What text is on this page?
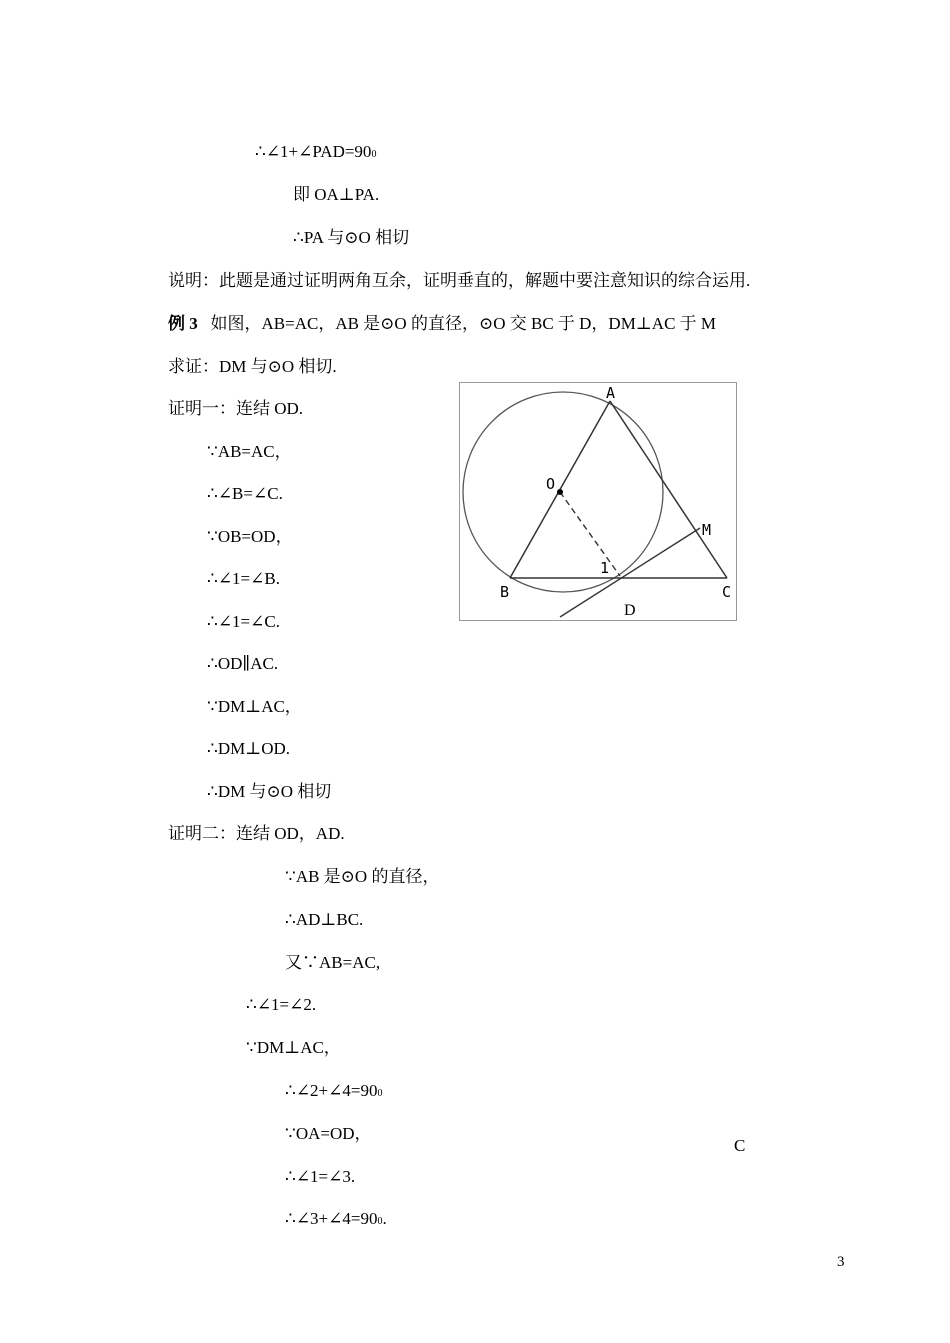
∴∠1+∠PAD=900
即 OA⊥PA.
∴PA 与⊙O 相切
说明：此题是通过证明两角互余，证明垂直的，解题中要注意知识的综合运用.
例 3 如图，AB=AC，AB 是⊙O 的直径，⊙O 交 BC 于 D，DM⊥AC 于 M
求证：DM 与⊙O 相切.
证明一：连结 OD.
∵AB=AC，
∴∠B=∠C.
∵OB=OD，
∴∠1=∠B.
∴∠1=∠C.
∴OD∥AC.
∵DM⊥AC，
∴DM⊥OD.
∴DM 与⊙O 相切
证明二：连结 OD，AD.
∵AB 是⊙O 的直径，
∴AD⊥BC.
又∵AB=AC,
∴∠1=∠2.
∵DM⊥AC，
∴∠2+∠4=900
∵OA=OD，
C
∴∠1=∠3.
∴∠3+∠4=900.
3
A
O
M
B	C
1
D
